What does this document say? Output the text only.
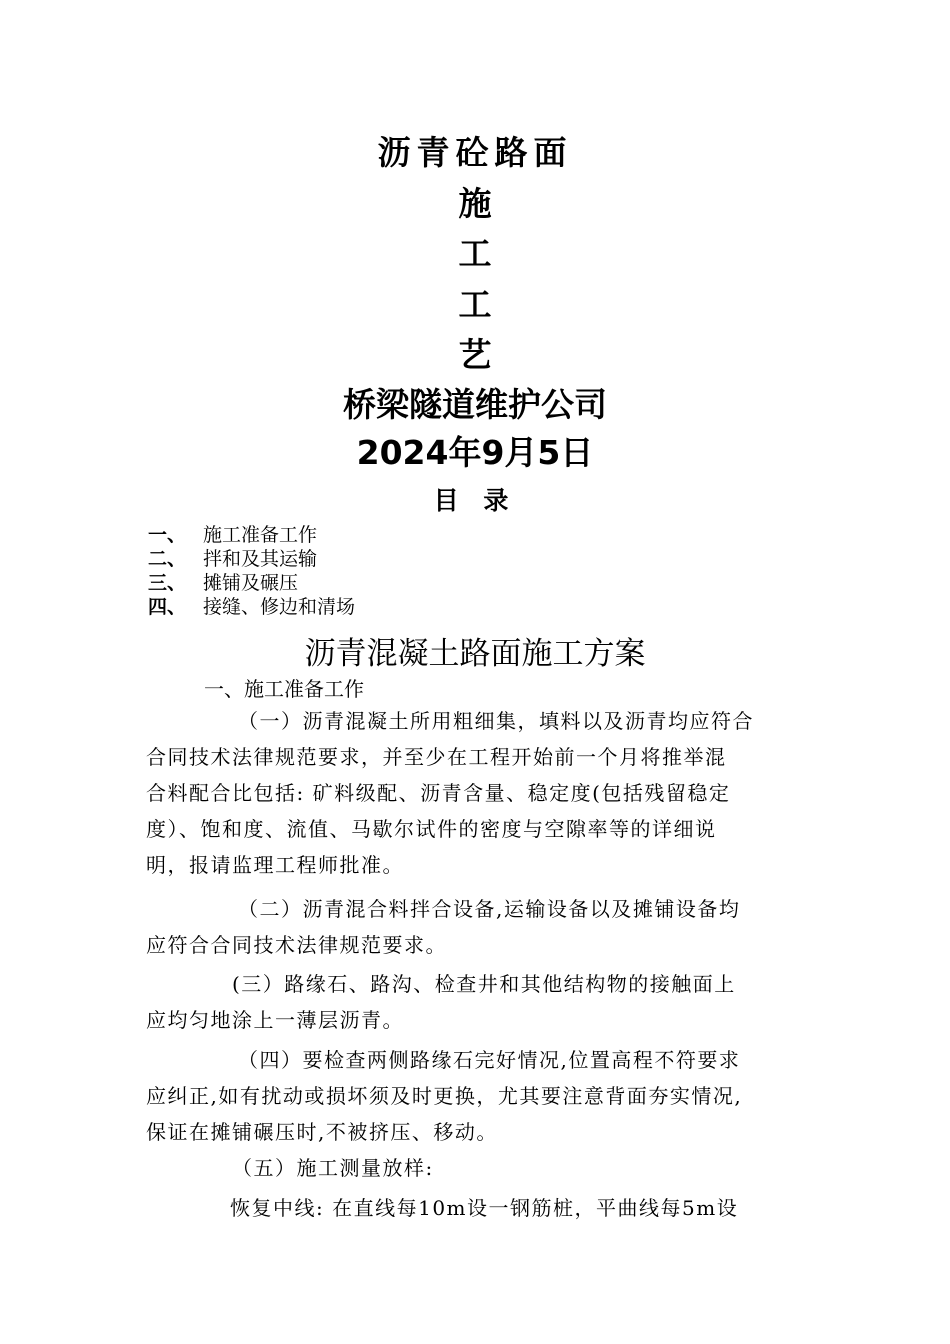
沥青砼路面
施
工
工
艺
桥梁隧道维护公司
2024年9月5日
目 录
一、 施工准备工作
二、 拌和及其运输
三、 摊铺及碾压
四、 接缝、修边和清场
沥青混凝土路面施工方案
一、施工准备工作
（一）沥青混凝土所用粗细集，填料以及沥青均应符合
合同技术法律规范要求，并至少在工程开始前一个月将推举混
合料配合比包括: 矿料级配、沥青含量、稳定度(包括残留稳定
度）、饱和度、流值、马歇尔试件的密度与空隙率等的详细说
明，报请监理工程师批准。
（二）沥青混合料拌合设备,运输设备以及摊铺设备均
应符合合同技术法律规范要求。
(三）路缘石、路沟、检查井和其他结构物的接触面上
应均匀地涂上一薄层沥青。
（四）要检查两侧路缘石完好情况,位置高程不符要求
应纠正,如有扰动或损坏须及时更换，尤其要注意背面夯实情况,
保证在摊铺碾压时,不被挤压、移动。
（五）施工测量放样:
恢复中线: 在直线每10m设一钢筋桩，平曲线每5m设
